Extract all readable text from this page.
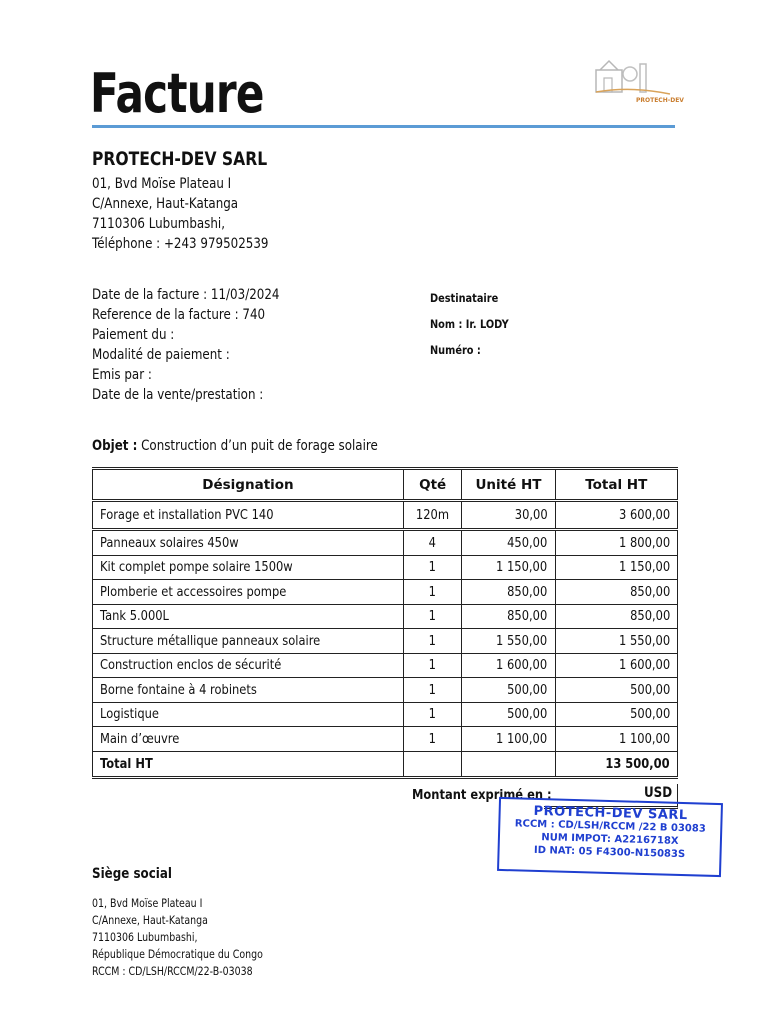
Facture	PROTECH-DEV
PROTECH-DEV SARL
01, Bvd Moïse Plateau I
C/Annexe, Haut-Katanga
7110306 Lubumbashi,
Téléphone : +243 979502539
Date de la facture : 11/03/2024
Reference de la facture : 740
Paiement du :
Modalité de paiement :
Emis par :
Date de la vente/prestation :
Destinataire
Nom : Ir. LODY
Numéro :
Objet : Construction d’un puit de forage solaire
Désignation	Qté	Unité HT	Total HT
Forage et installation PVC 140	120m	30,00	3 600,00
Panneaux solaires 450w	4	450,00	1 800,00
Kit complet pompe solaire 1500w	1	1 150,00	1 150,00
Plomberie et accessoires pompe	1	850,00	850,00
Tank 5.000L	1	850,00	850,00
Structure métallique panneaux solaire	1	1 550,00	1 550,00
Construction enclos de sécurité	1	1 600,00	1 600,00
Borne fontaine à 4 robinets	1	500,00	500,00
Logistique	1	500,00	500,00
Main d’œuvre	1	1 100,00	1 100,00
Total HT			13 500,00
Montant exprimé en :	USD
PROTECH-DEV SARL
RCCM : CD/LSH/RCCM /22 B 03083
NUM IMPOT: A2216718X
ID NAT: 05 F4300-N15083S
Siège social
01, Bvd Moïse Plateau I
C/Annexe, Haut-Katanga
7110306 Lubumbashi,
République Démocratique du Congo
RCCM : CD/LSH/RCCM/22-B-03038
